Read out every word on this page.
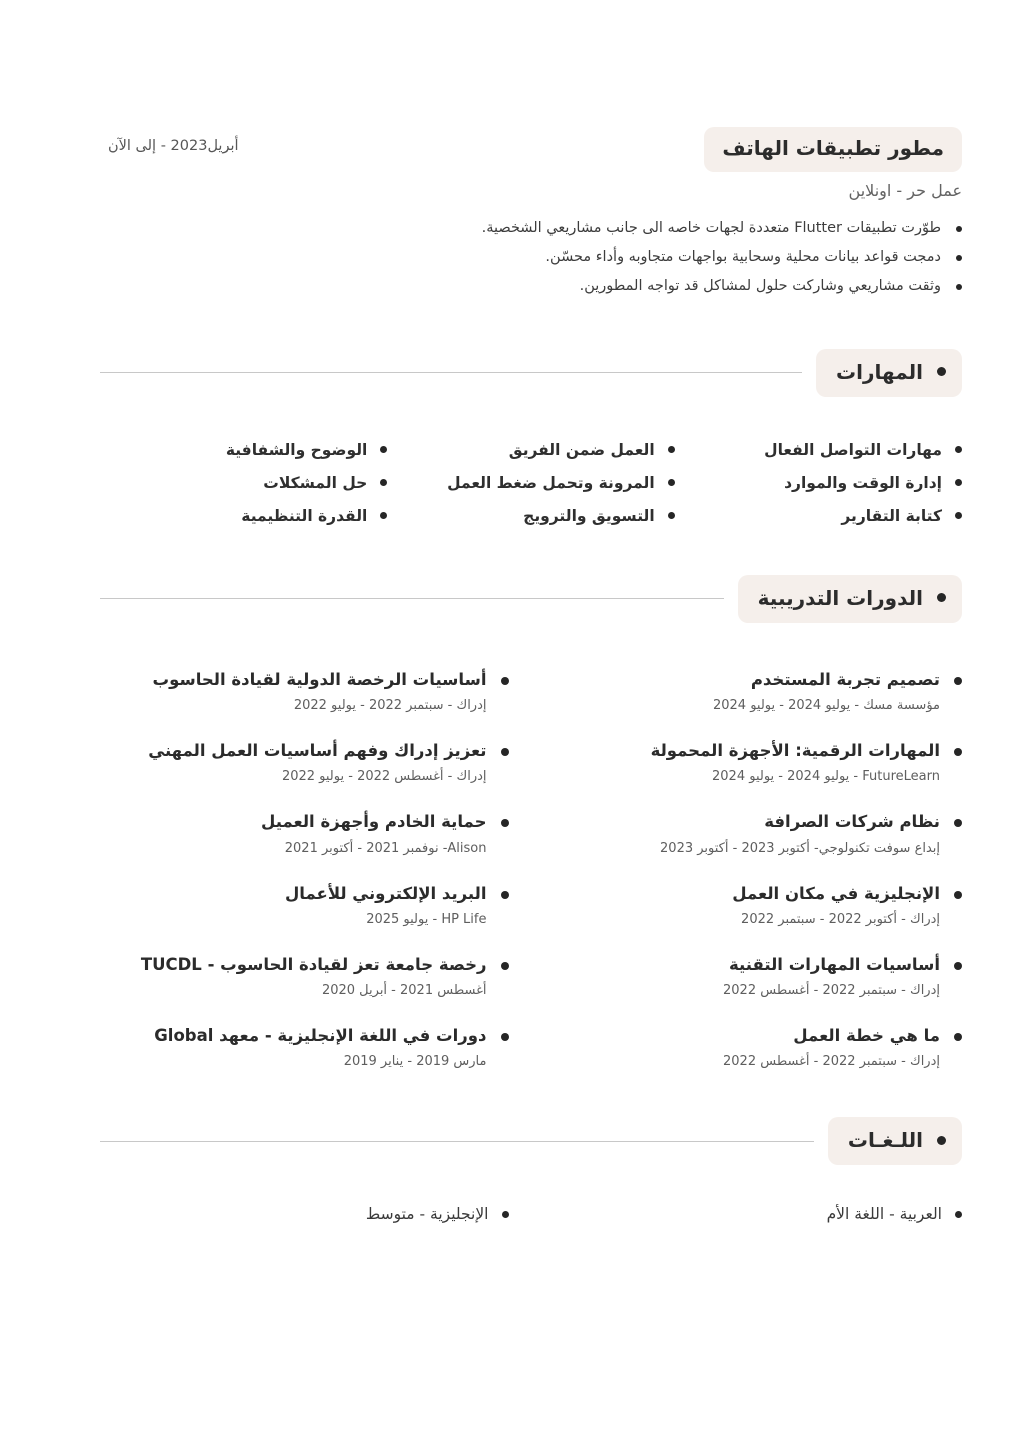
مطور تطبيقات الهاتف
أبريل2023 - إلى الآن
عمل حر - اونلاين
طوّرت تطبيقات Flutter متعددة لجهات خاصه الى جانب مشاريعي الشخصية.
دمجت قواعد بيانات محلية وسحابية بواجهات متجاوبه وأداء محسّن.
وثقت مشاريعي وشاركت حلول لمشاكل قد تواجه المطورين.
المهارات
مهارات التواصل الفعال
إدارة الوقت والموارد
كتابة التقارير
العمل ضمن الفريق
المرونة وتحمل ضغط العمل
التسويق والترويج
الوضوح والشفافية
حل المشكلات
القدرة التنظيمية
الدورات التدريبية
تصميم تجربة المستخدم
مؤسسة مسك - يوليو 2024 - يوليو 2024
المهارات الرقمية: الأجهزة المحمولة
FutureLearn - يوليو 2024 - يوليو 2024
نظام شركات الصرافة
إبداع سوفت تكنولوجي- أكتوبر 2023 - أكتوبر 2023
الإنجليزية في مكان العمل
إدراك - أكتوبر 2022 - سبتمبر 2022
أساسيات المهارات التقنية
إدراك - سبتمبر 2022 - أغسطس 2022
ما هي خطة العمل
إدراك - سبتمبر 2022 - أغسطس 2022
أساسيات الرخصة الدولية لقيادة الحاسوب
إدراك - سبتمبر 2022 - يوليو 2022
تعزيز إدراك وفهم أساسيات العمل المهني
إدراك - أغسطس 2022 - يوليو 2022
حماية الخادم وأجهزة العميل
Alison- نوفمبر 2021 - أكتوبر 2021
البريد الإلكتروني للأعمال
HP Life - يوليو 2025
رخصة جامعة تعز لقيادة الحاسوب - TUCDL
أغسطس 2021 - أبريل 2020
دورات في اللغة الإنجليزية - معهد Global
مارس 2019 - يناير 2019
اللـغـات
العربية - اللغة الأم
الإنجليزية - متوسط
